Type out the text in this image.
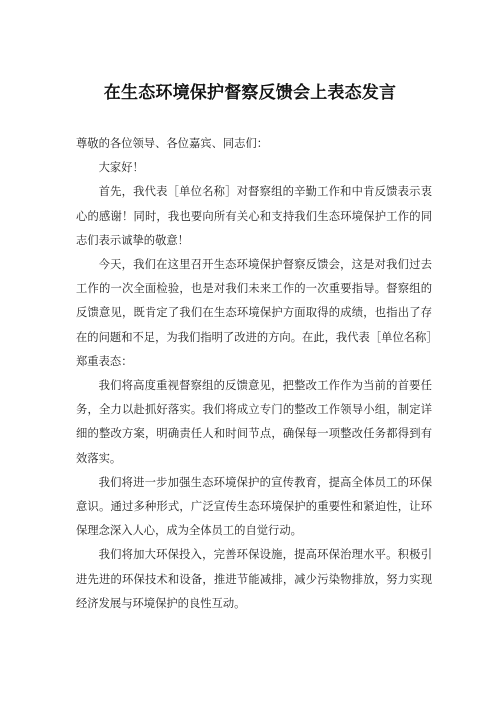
在生态环境保护督察反馈会上表态发言

尊敬的各位领导、各位嘉宾、同志们：

大家好！

首先，我代表［单位名称］对督察组的辛勤工作和中肯反馈表示衷心的感谢！同时，我也要向所有关心和支持我们生态环境保护工作的同志们表示诚挚的敬意！

今天，我们在这里召开生态环境保护督察反馈会，这是对我们过去工作的一次全面检验，也是对我们未来工作的一次重要指导。督察组的反馈意见，既肯定了我们在生态环境保护方面取得的成绩，也指出了存在的问题和不足，为我们指明了改进的方向。在此，我代表［单位名称］郑重表态：

我们将高度重视督察组的反馈意见，把整改工作作为当前的首要任务，全力以赴抓好落实。我们将成立专门的整改工作领导小组，制定详细的整改方案，明确责任人和时间节点，确保每一项整改任务都得到有效落实。

我们将进一步加强生态环境保护的宣传教育，提高全体员工的环保意识。通过多种形式，广泛宣传生态环境保护的重要性和紧迫性，让环保理念深入人心，成为全体员工的自觉行动。

我们将加大环保投入，完善环保设施，提高环保治理水平。积极引进先进的环保技术和设备，推进节能减排，减少污染物排放，努力实现经济发展与环境保护的良性互动。
